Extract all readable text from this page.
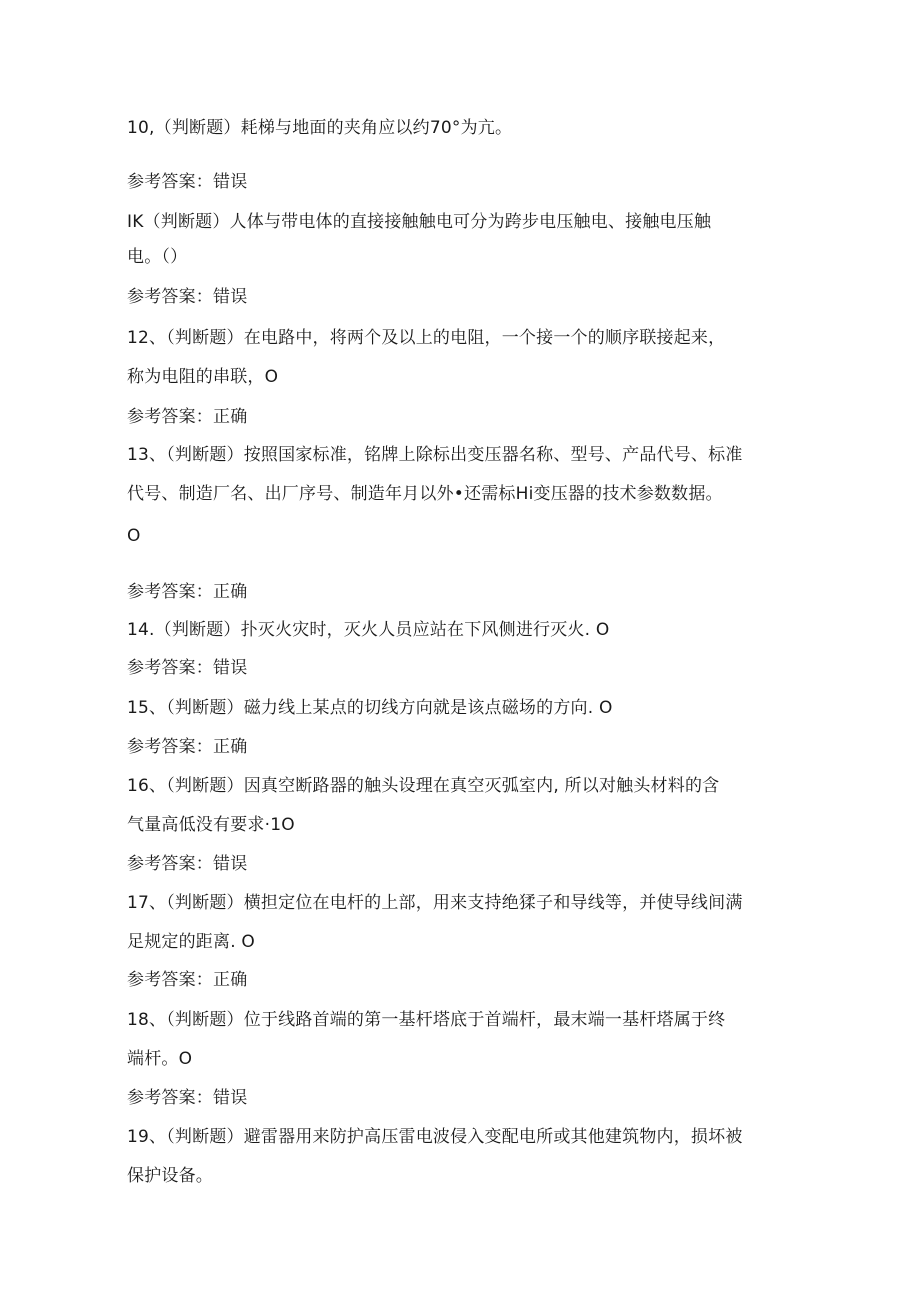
10,（判断题）耗梯与地面的夹角应以约70°为亢。
参考答案：错误
IK（判断题）人体与带电体的直接接触触电可分为跨步电压触电、接触电压触
电。（）
参考答案：错误
12、（判断题）在电路中，将两个及以上的电阻，一个接一个的顺序联接起来，
称为电阻的串联，O
参考答案：正确
13、（判断题）按照国家标准，铭牌上除标出变压器名称、型号、产品代号、标准
代号、制造厂名、出厂序号、制造年月以外•还需标Hi变压器的技术参数数据。
O
参考答案：正确
14.（判断题）扑灭火灾时，灭火人员应站在下风侧进行灭火. O
参考答案：错误
15、（判断题）磁力线上某点的切线方向就是该点磁场的方向. O
参考答案：正确
16、（判断题）因真空断路器的触头设理在真空灭弧室内, 所以对触头材料的含
气量高低没有要求·1O
参考答案：错误
17、（判断题）横担定位在电杆的上部，用来支持绝猱子和导线等，并使导线间满
足规定的距离. O
参考答案：正确
18、（判断题）位于线路首端的第一基杆塔底于首端杆，最末端一基杆塔属于终
端杆。O
参考答案：错误
19、（判断题）避雷器用来防护高压雷电波侵入变配电所或其他建筑物内，损坏被
保护设备。
